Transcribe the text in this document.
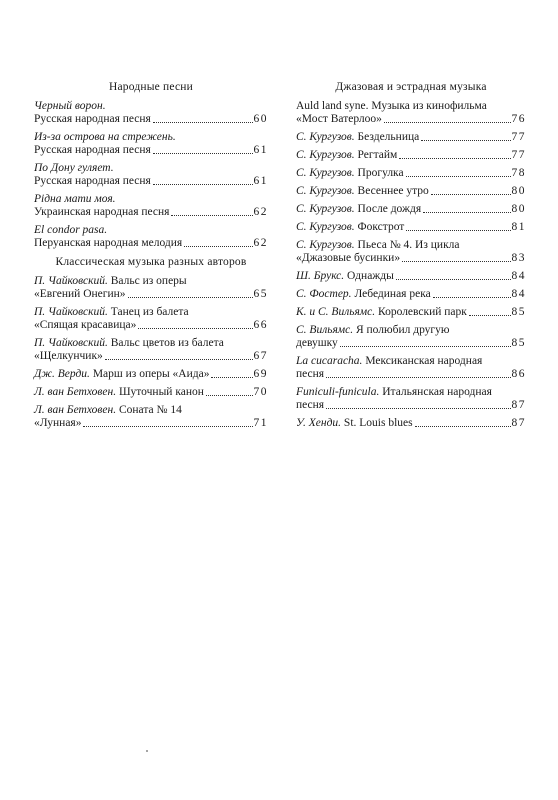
Народные песни
Черный ворон.
Русская народная песня	60
Из-за острова на стрежень.
Русская народная песня	61
По Дону гуляет.
Русская народная песня	61
Рідна мати моя.
Украинская народная песня	62
El condor pasa.
Перуанская народная мелодия	62
Классическая музыка разных авторов
П. Чайковский. Вальс из оперы
«Евгений Онегин»	65
П. Чайковский. Танец из балета
«Спящая красавица»	66
П. Чайковский. Вальс цветов из балета
«Щелкунчик»	67
Дж. Верди. Марш из оперы «Аида»	69
Л. ван Бетховен. Шуточный канон	70
Л. ван Бетховен. Соната № 14
«Лунная»	71
Джазовая и эстрадная музыка
Auld land syne. Музыка из кинофильма
«Мост Ватерлоо»	76
С. Кургузов. Бездельница	77
С. Кургузов. Регтайм	77
С. Кургузов. Прогулка	78
С. Кургузов. Весеннее утро	80
С. Кургузов. После дождя	80
С. Кургузов. Фокстрот	81
С. Кургузов. Пьеса № 4. Из цикла
«Джазовые бусинки»	83
Ш. Брукс. Однажды	84
С. Фостер. Лебединая река	84
К. и С. Вильямс. Королевский парк	85
С. Вильямс. Я полюбил другую
девушку	85
La cucaracha. Мексиканская народная
песня	86
Funiculi-funicula. Итальянская народная
песня	87
У. Хенди. St. Louis blues	87
